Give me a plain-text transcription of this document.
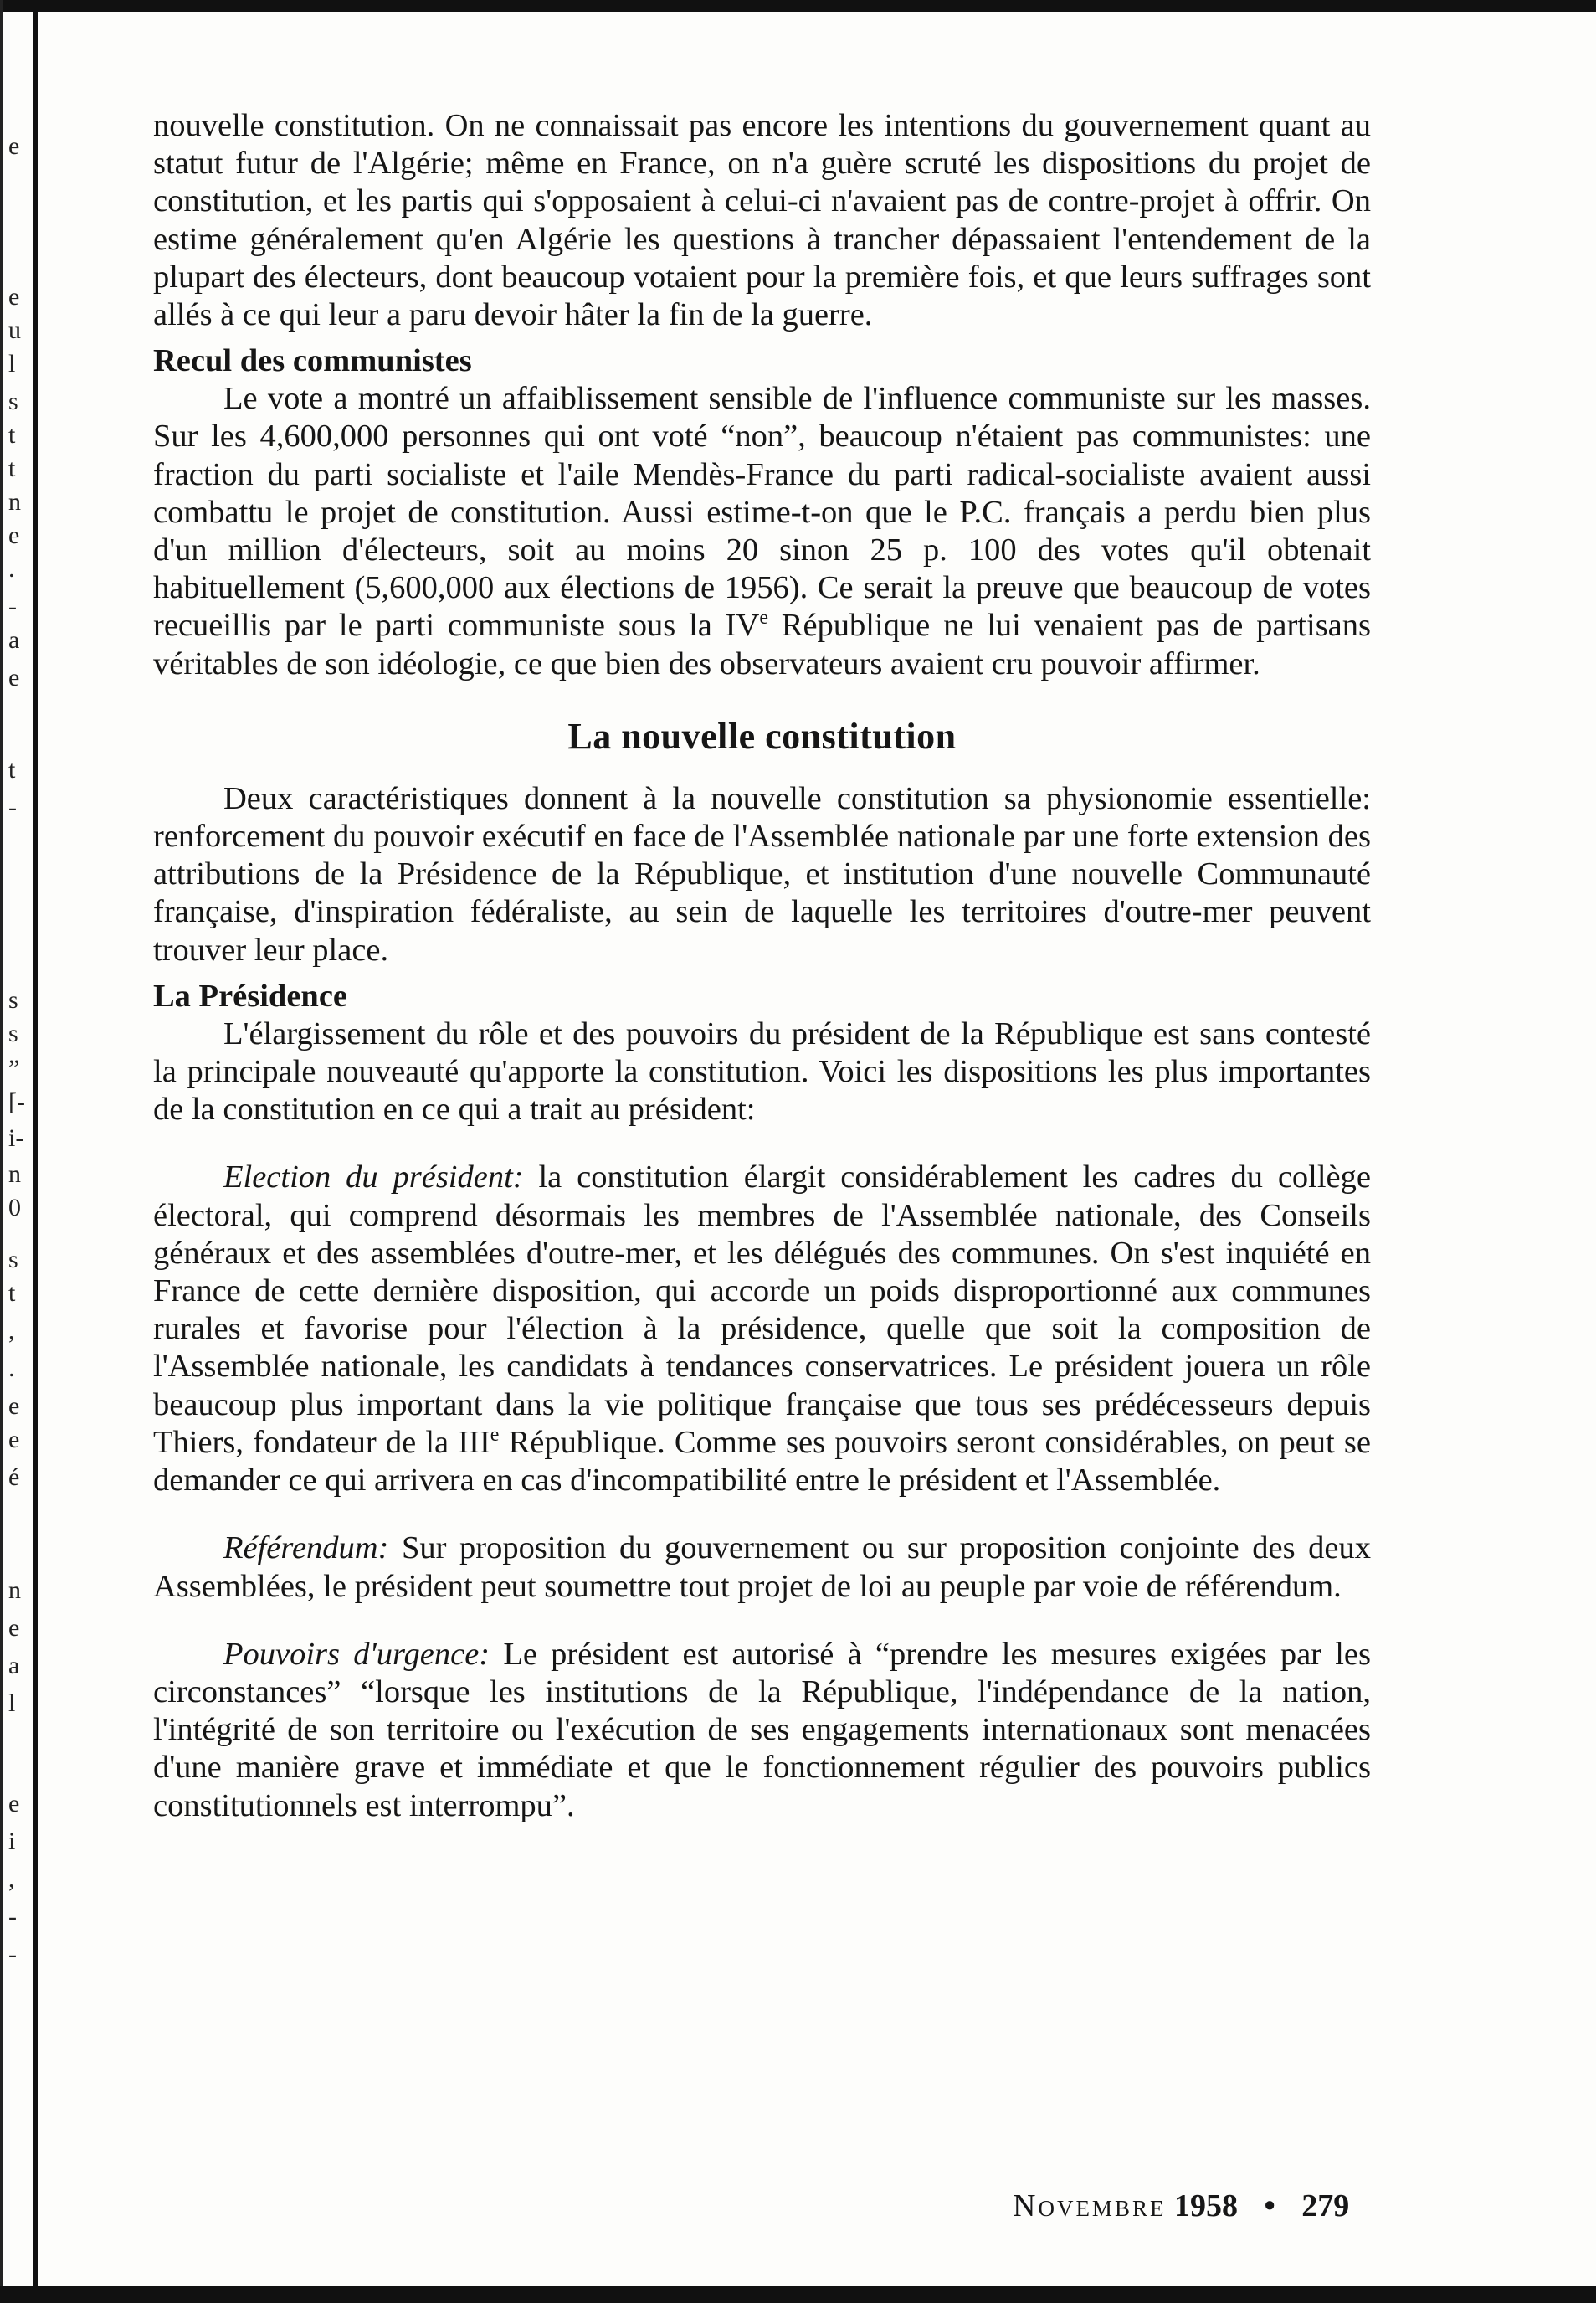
e
e
u
l
s
t
t
n
e
.
-
a
e
t
-
s
s
”
[-
i-
n
0
s
t
,
.
e
e
é
n
e
a
l
e
i
,
-
-

nouvelle constitution. On ne connaissait pas encore les intentions du gouvernement quant au statut futur de l'Algérie; même en France, on n'a guère scruté les dispositions du projet de constitution, et les partis qui s'opposaient à celui-ci n'avaient pas de contre-projet à offrir. On estime généralement qu'en Algérie les questions à trancher dépassaient l'entendement de la plupart des électeurs, dont beaucoup votaient pour la première fois, et que leurs suffrages sont allés à ce qui leur a paru devoir hâter la fin de la guerre.

Recul des communistes

Le vote a montré un affaiblissement sensible de l'influence communiste sur les masses. Sur les 4,600,000 personnes qui ont voté “non”, beaucoup n'étaient pas communistes: une fraction du parti socialiste et l'aile Mendès-France du parti radical-socialiste avaient aussi combattu le projet de constitution. Aussi estime-t-on que le P.C. français a perdu bien plus d'un million d'électeurs, soit au moins 20 sinon 25 p. 100 des votes qu'il obtenait habituellement (5,600,000 aux élections de 1956). Ce serait la preuve que beaucoup de votes recueillis par le parti communiste sous la IVe République ne lui venaient pas de partisans véritables de son idéologie, ce que bien des observateurs avaient cru pouvoir affirmer.

La nouvelle constitution

Deux caractéristiques donnent à la nouvelle constitution sa physionomie essentielle: renforcement du pouvoir exécutif en face de l'Assemblée nationale par une forte extension des attributions de la Présidence de la République, et institution d'une nouvelle Communauté française, d'inspiration fédéraliste, au sein de laquelle les territoires d'outre-mer peuvent trouver leur place.

La Présidence

L'élargissement du rôle et des pouvoirs du président de la République est sans contesté la principale nouveauté qu'apporte la constitution. Voici les dispositions les plus importantes de la constitution en ce qui a trait au président:

Election du président: la constitution élargit considérablement les cadres du collège électoral, qui comprend désormais les membres de l'Assemblée nationale, des Conseils généraux et des assemblées d'outre-mer, et les délégués des communes. On s'est inquiété en France de cette dernière disposition, qui accorde un poids disproportionné aux communes rurales et favorise pour l'élection à la présidence, quelle que soit la composition de l'Assemblée nationale, les candidats à tendances conservatrices. Le président jouera un rôle beaucoup plus important dans la vie politique française que tous ses prédécesseurs depuis Thiers, fondateur de la IIIe République. Comme ses pouvoirs seront considérables, on peut se demander ce qui arrivera en cas d'incompatibilité entre le président et l'Assemblée.

Référendum: Sur proposition du gouvernement ou sur proposition conjointe des deux Assemblées, le président peut soumettre tout projet de loi au peuple par voie de référendum.

Pouvoirs d'urgence: Le président est autorisé à “prendre les mesures exigées par les circonstances” “lorsque les institutions de la République, l'indépendance de la nation, l'intégrité de son territoire ou l'exécution de ses engagements internationaux sont menacées d'une manière grave et immédiate et que le fonctionnement régulier des pouvoirs publics constitutionnels est interrompu”.

Novembre 1958 • 279
